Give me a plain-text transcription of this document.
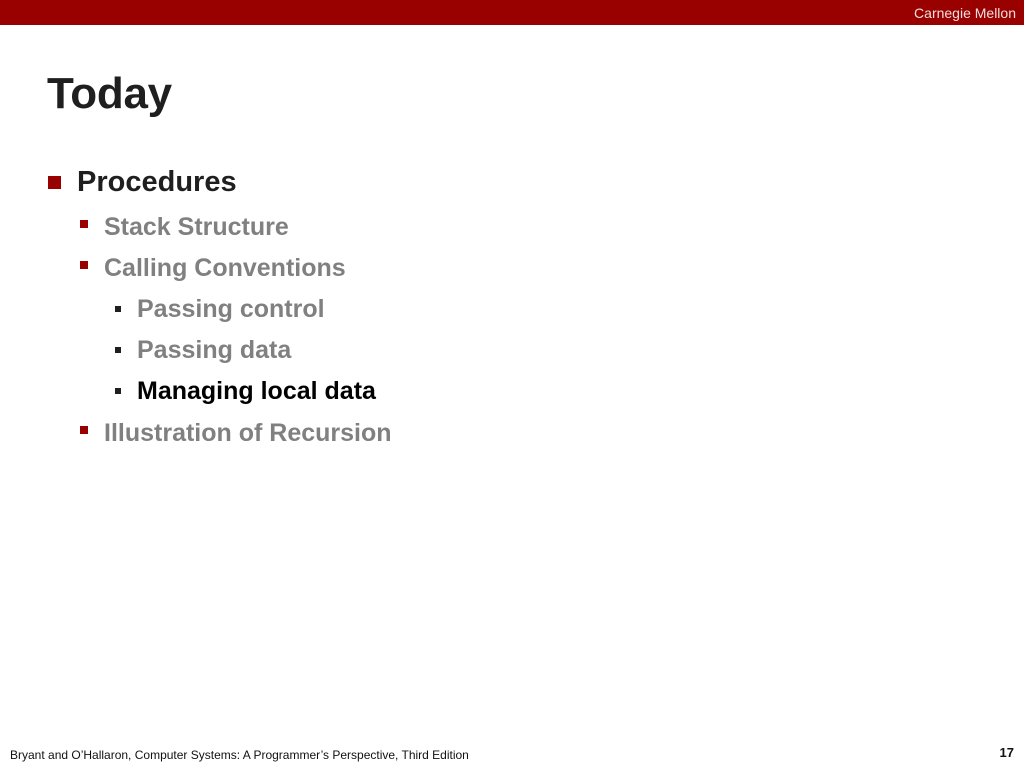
Carnegie Mellon
Today
Procedures
Stack Structure
Calling Conventions
Passing control
Passing data
Managing local data
Illustration of Recursion
Bryant and O’Hallaron, Computer Systems: A Programmer’s Perspective, Third Edition	17
